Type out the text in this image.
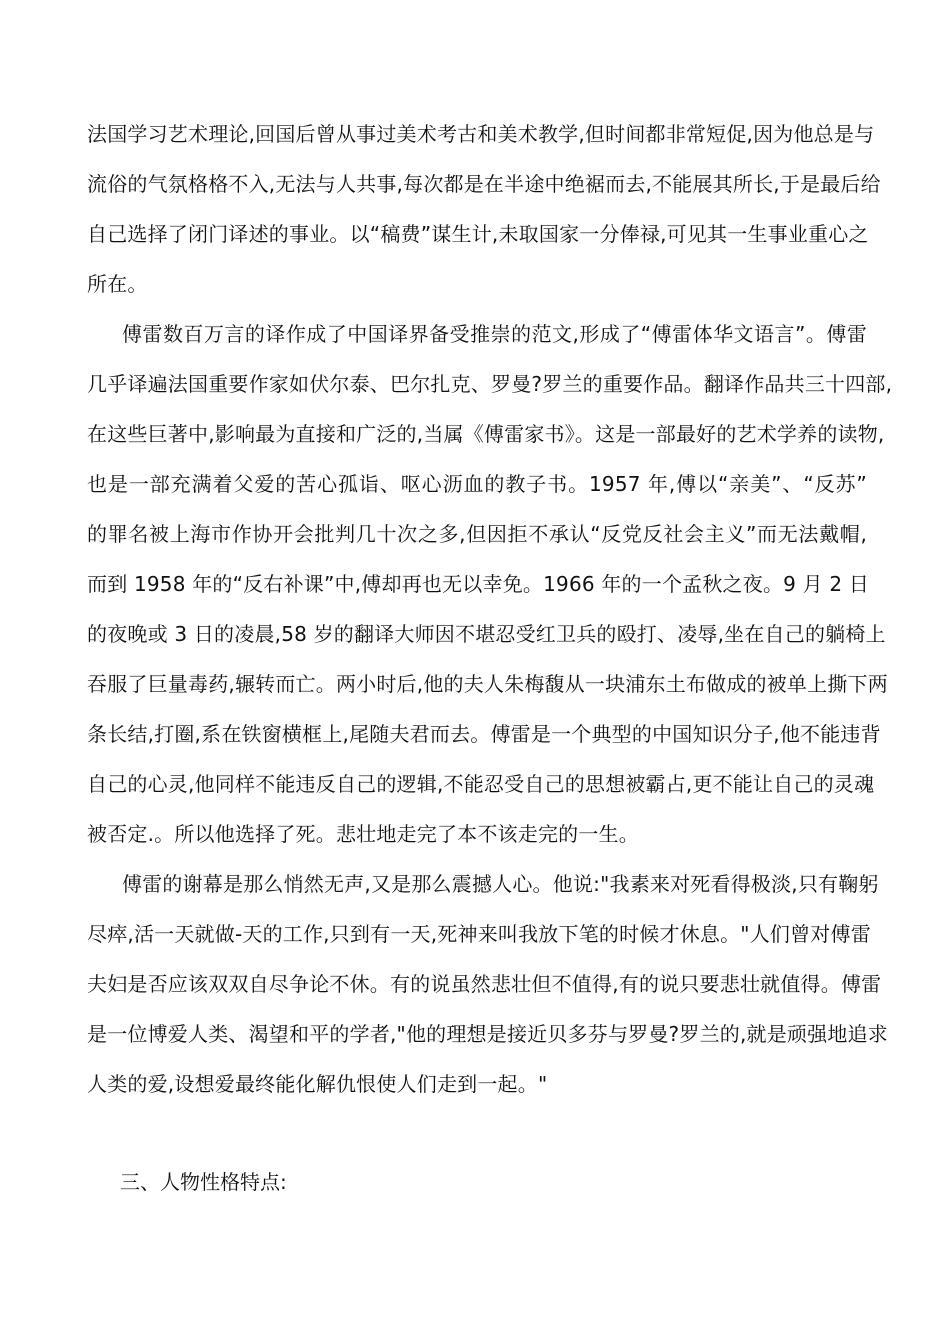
法国学习艺术理论,回国后曾从事过美术考古和美术教学,但时间都非常短促,因为他总是与
流俗的气氛格格不入,无法与人共事,每次都是在半途中绝裾而去,不能展其所长,于是最后给
自己选择了闭门译述的事业。以“稿费”谋生计,未取国家一分俸禄,可见其一生事业重心之
所在。
傅雷数百万言的译作成了中国译界备受推崇的范文,形成了“傅雷体华文语言”。傅雷
几乎译遍法国重要作家如伏尔泰、巴尔扎克、罗曼?罗兰的重要作品。翻译作品共三十四部,
在这些巨著中,影响最为直接和广泛的,当属《傅雷家书》。这是一部最好的艺术学养的读物,
也是一部充满着父爱的苦心孤诣、呕心沥血的教子书。1957 年,傅以“亲美”、“反苏”
的罪名被上海市作协开会批判几十次之多,但因拒不承认“反党反社会主义”而无法戴帽,
而到 1958 年的“反右补课”中,傅却再也无以幸免。1966 年的一个孟秋之夜。9 月 2 日
的夜晚或 3 日的凌晨,58 岁的翻译大师因不堪忍受红卫兵的殴打、凌辱,坐在自己的躺椅上
吞服了巨量毒药,辗转而亡。两小时后,他的夫人朱梅馥从一块浦东土布做成的被单上撕下两
条长结,打圈,系在铁窗横框上,尾随夫君而去。傅雷是一个典型的中国知识分子,他不能违背
自己的心灵,他同样不能违反自己的逻辑,不能忍受自己的思想被霸占,更不能让自己的灵魂
被否定.。所以他选择了死。悲壮地走完了本不该走完的一生。
傅雷的谢幕是那么悄然无声,又是那么震撼人心。他说:"我素来对死看得极淡,只有鞠躬
尽瘁,活一天就做-天的工作,只到有一天,死神来叫我放下笔的时候才休息。"人们曾对傅雷
夫妇是否应该双双自尽争论不休。有的说虽然悲壮但不值得,有的说只要悲壮就值得。傅雷
是一位博爱人类、渴望和平的学者,"他的理想是接近贝多芬与罗曼?罗兰的,就是顽强地追求
人类的爱,设想爱最终能化解仇恨使人们走到一起。"
三、人物性格特点:
